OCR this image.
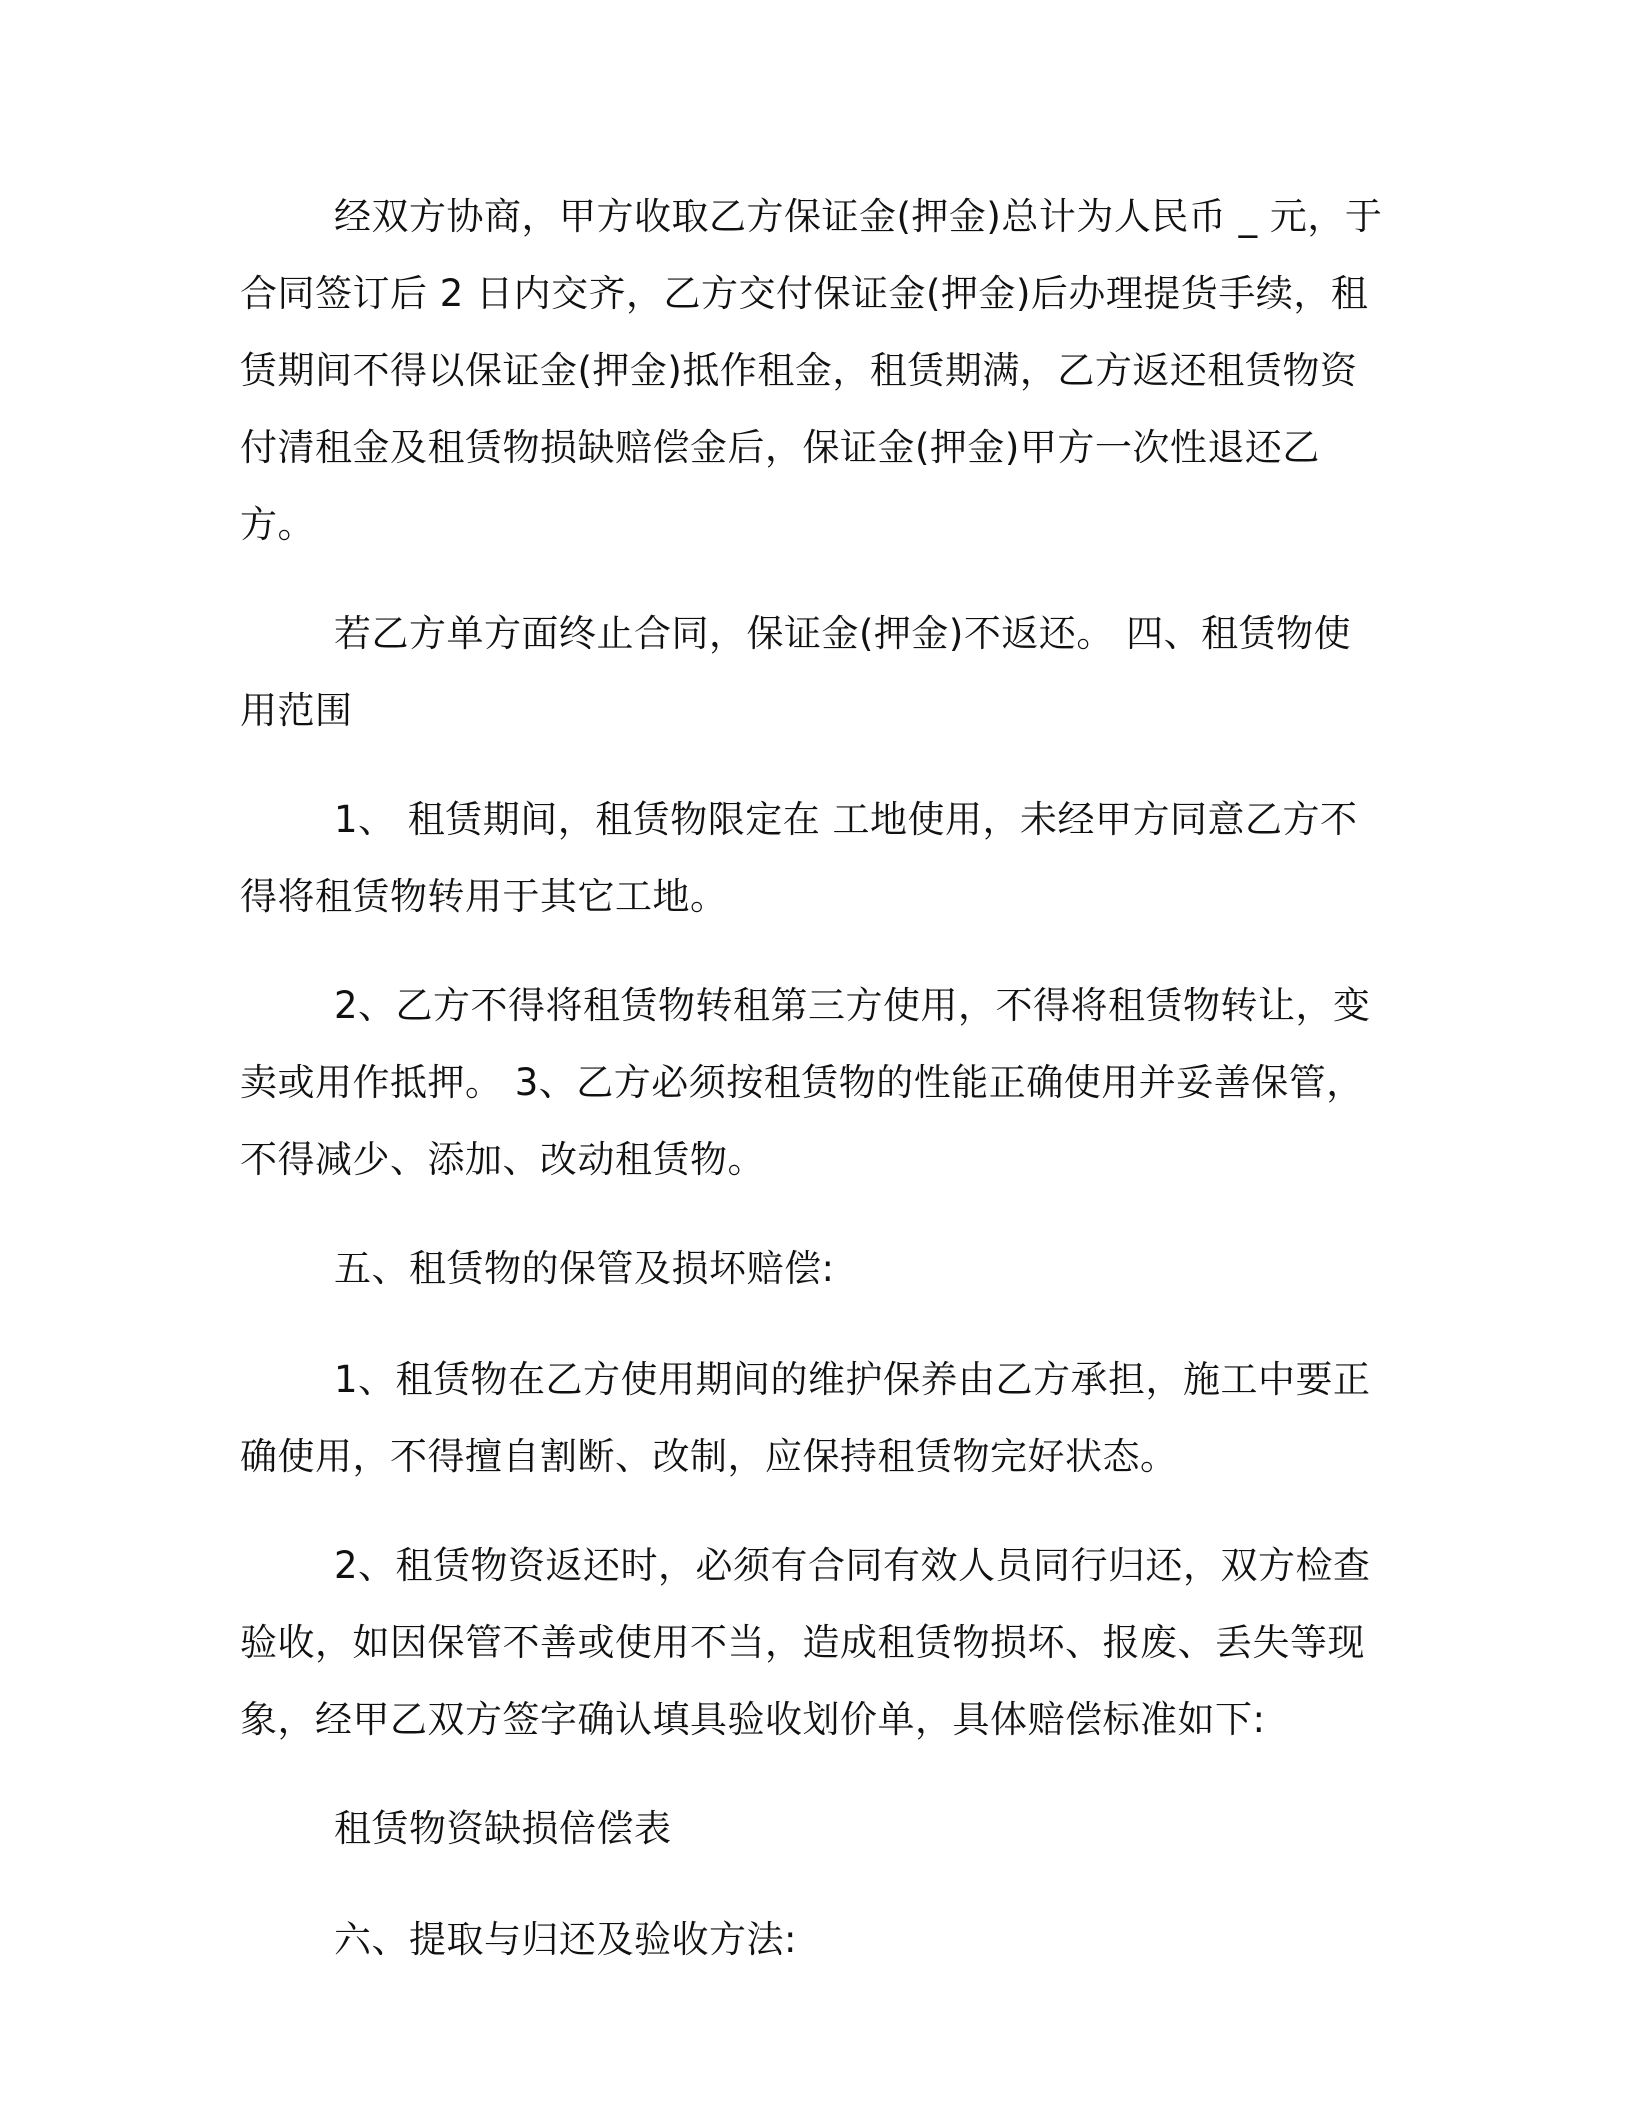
经双方协商，甲方收取乙方保证金(押金)总计为人民币 _ 元，于合同签订后 2 日内交齐，乙方交付保证金(押金)后办理提货手续，租赁期间不得以保证金(押金)抵作租金，租赁期满，乙方返还租赁物资付清租金及租赁物损缺赔偿金后，保证金(押金)甲方一次性退还乙方。

若乙方单方面终止合同，保证金(押金)不返还。 四、租赁物使用范围

1、 租赁期间，租赁物限定在 工地使用，未经甲方同意乙方不得将租赁物转用于其它工地。

2、乙方不得将租赁物转租第三方使用，不得将租赁物转让，变卖或用作抵押。 3、乙方必须按租赁物的性能正确使用并妥善保管，不得减少、添加、改动租赁物。

五、租赁物的保管及损坏赔偿:

1、租赁物在乙方使用期间的维护保养由乙方承担，施工中要正确使用，不得擅自割断、改制，应保持租赁物完好状态。

2、租赁物资返还时，必须有合同有效人员同行归还，双方检查验收，如因保管不善或使用不当，造成租赁物损坏、报废、丢失等现象，经甲乙双方签字确认填具验收划价单，具体赔偿标准如下:

租赁物资缺损倍偿表

六、提取与归还及验收方法:
